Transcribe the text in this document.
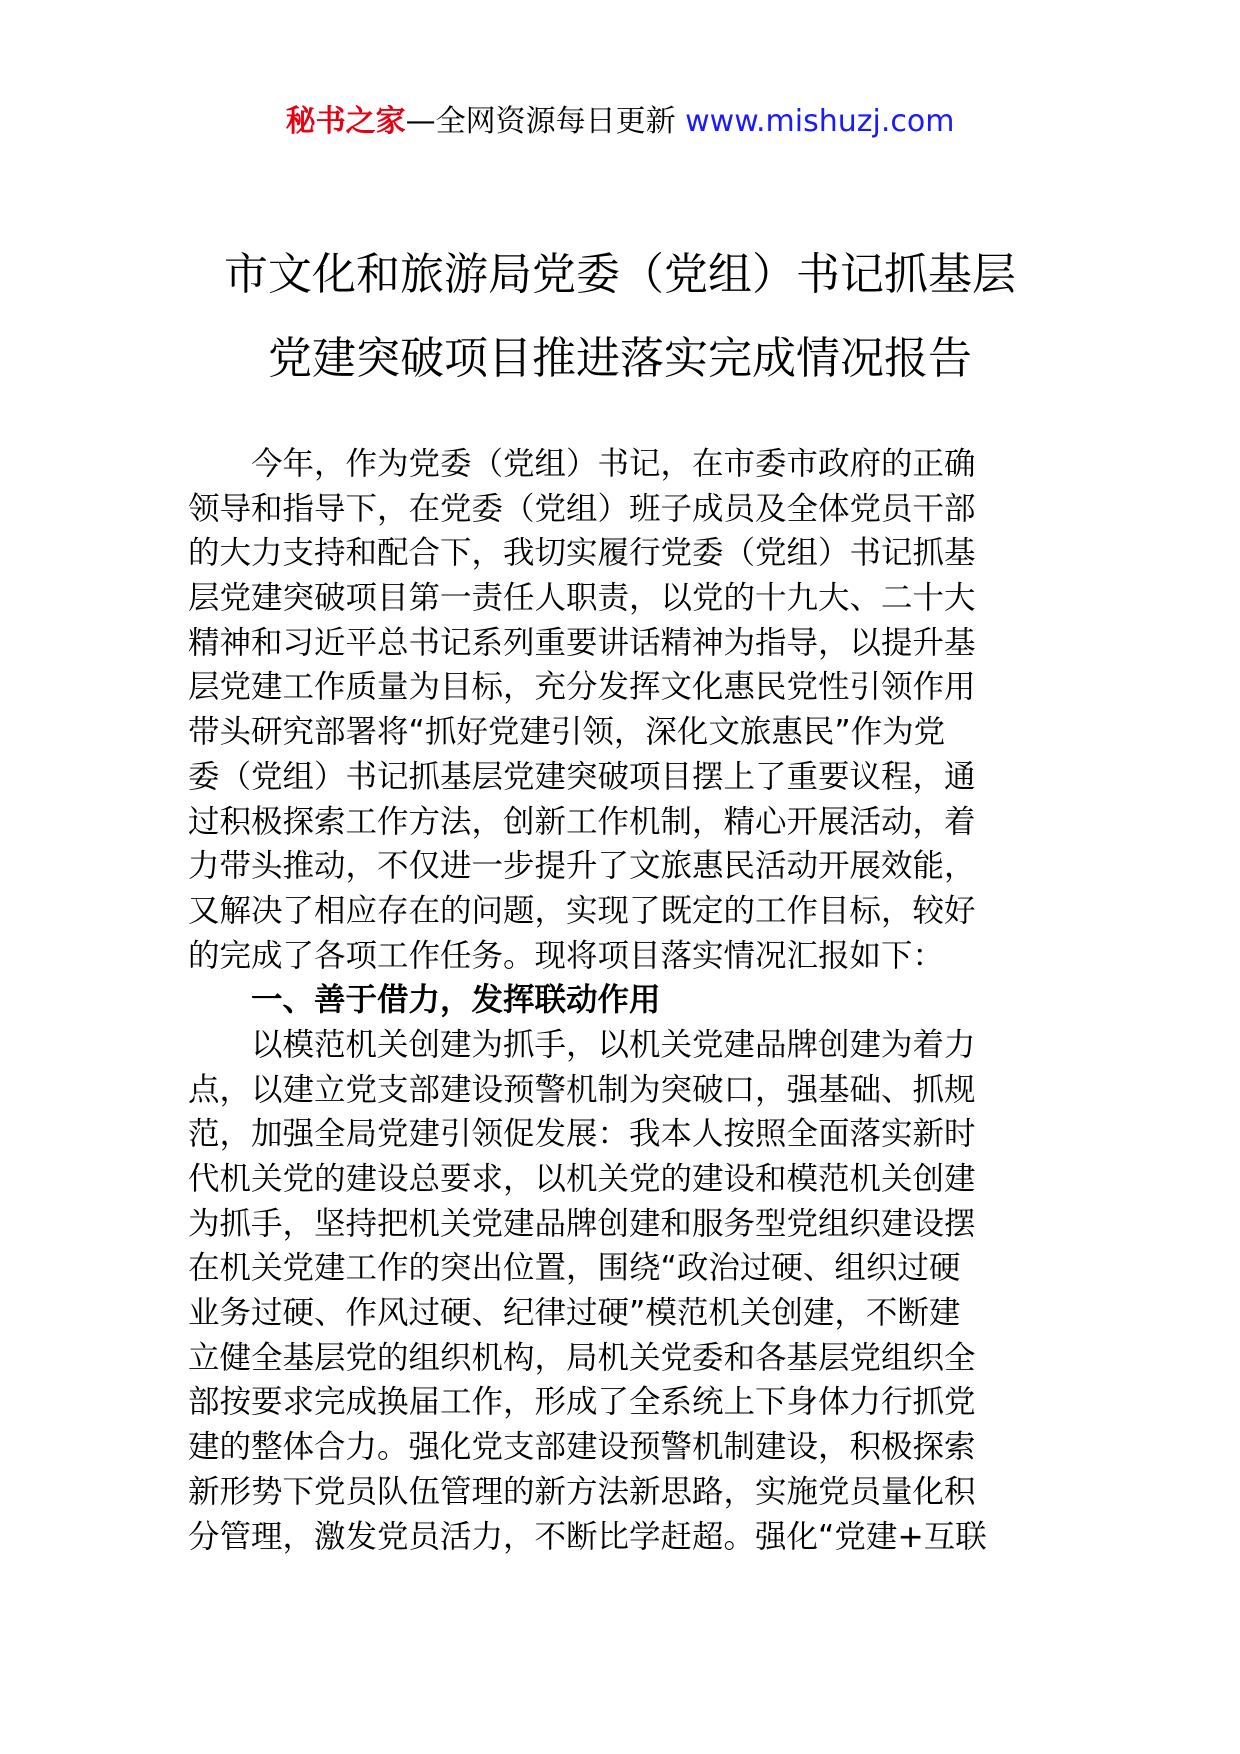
秘书之家—全网资源每日更新 www.mishuzj.com
市文化和旅游局党委（党组）书记抓基层
党建突破项目推进落实完成情况报告
今年，作为党委（党组）书记，在市委市政府的正确
领导和指导下，在党委（党组）班子成员及全体党员干部
的大力支持和配合下，我切实履行党委（党组）书记抓基
层党建突破项目第一责任人职责，以党的十九大、二十大
精神和习近平总书记系列重要讲话精神为指导，以提升基
层党建工作质量为目标，充分发挥文化惠民党性引领作用
带头研究部署将“抓好党建引领，深化文旅惠民”作为党
委（党组）书记抓基层党建突破项目摆上了重要议程，通
过积极探索工作方法，创新工作机制，精心开展活动，着
力带头推动，不仅进一步提升了文旅惠民活动开展效能，
又解决了相应存在的问题，实现了既定的工作目标，较好
的完成了各项工作任务。现将项目落实情况汇报如下：
一、善于借力，发挥联动作用
以模范机关创建为抓手，以机关党建品牌创建为着力
点，以建立党支部建设预警机制为突破口，强基础、抓规
范，加强全局党建引领促发展：我本人按照全面落实新时
代机关党的建设总要求，以机关党的建设和模范机关创建
为抓手，坚持把机关党建品牌创建和服务型党组织建设摆
在机关党建工作的突出位置，围绕“政治过硬、组织过硬
业务过硬、作风过硬、纪律过硬”模范机关创建，不断建
立健全基层党的组织机构，局机关党委和各基层党组织全
部按要求完成换届工作，形成了全系统上下身体力行抓党
建的整体合力。强化党支部建设预警机制建设，积极探索
新形势下党员队伍管理的新方法新思路，实施党员量化积
分管理，激发党员活力，不断比学赶超。强化“党建+互联
